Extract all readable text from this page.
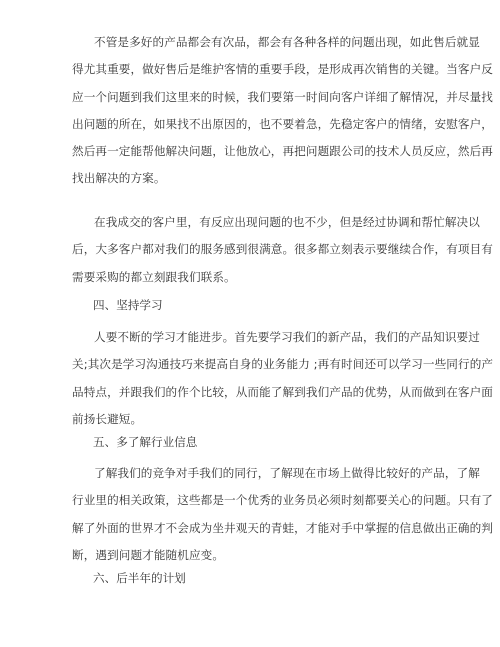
不管是多好的产品都会有次品，都会有各种各样的问题出现，如此售后就显
得尤其重要，做好售后是维护客情的重要手段，是形成再次销售的关键。当客户反
应一个问题到我们这里来的时候，我们要第一时间向客户详细了解情况，并尽量找
出问题的所在，如果找不出原因的，也不要着急，先稳定客户的情绪，安慰客户，
然后再一定能帮他解决问题，让他放心，再把问题跟公司的技术人员反应，然后再
找出解决的方案。
在我成交的客户里，有反应出现问题的也不少，但是经过协调和帮忙解决以
后，大多客户都对我们的服务感到很满意。很多都立刻表示要继续合作，有项目有
需要采购的都立刻跟我们联系。
四、坚持学习
人要不断的学习才能进步。首先要学习我们的新产品，我们的产品知识要过
关;其次是学习沟通技巧来提高自身的业务能力 ;再有时间还可以学习一些同行的产
品特点，并跟我们的作个比较，从而能了解到我们产品的优势，从而做到在客户面
前扬长避短。
五、多了解行业信息
了解我们的竞争对手我们的同行，了解现在市场上做得比较好的产品，了解
行业里的相关政策，这些都是一个优秀的业务员必须时刻都要关心的问题。只有了
解了外面的世界才不会成为坐井观天的青蛙，才能对手中掌握的信息做出正确的判
断，遇到问题才能随机应变。
六、后半年的计划
